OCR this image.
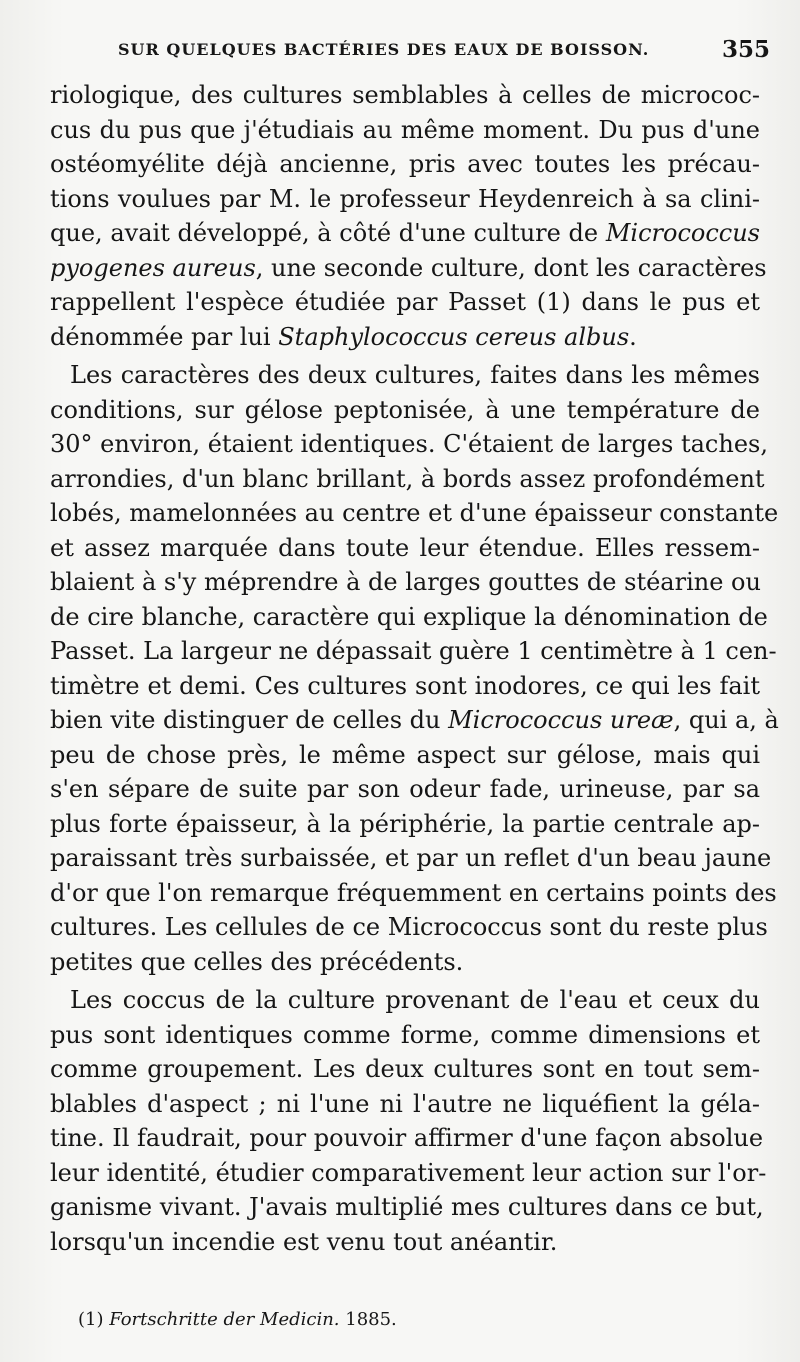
SUR QUELQUES BACTÉRIES DES EAUX DE BOISSON.	355
riologique, des cultures semblables à celles de micrococ-
cus du pus que j'étudiais au même moment. Du pus d'une
ostéomyélite déjà ancienne, pris avec toutes les précau-
tions voulues par M. le professeur Heydenreich à sa clini-
que, avait développé, à côté d'une culture de Micrococcus
pyogenes aureus, une seconde culture, dont les caractères
rappellent l'espèce étudiée par Passet (1) dans le pus et
dénommée par lui Staphylococcus cereus albus.
Les caractères des deux cultures, faites dans les mêmes
conditions, sur gélose peptonisée, à une température de
30° environ, étaient identiques. C'étaient de larges taches,
arrondies, d'un blanc brillant, à bords assez profondément
lobés, mamelonnées au centre et d'une épaisseur constante
et assez marquée dans toute leur étendue. Elles ressem-
blaient à s'y méprendre à de larges gouttes de stéarine ou
de cire blanche, caractère qui explique la dénomination de
Passet. La largeur ne dépassait guère 1 centimètre à 1 cen-
timètre et demi. Ces cultures sont inodores, ce qui les fait
bien vite distinguer de celles du Micrococcus ureæ, qui a, à
peu de chose près, le même aspect sur gélose, mais qui
s'en sépare de suite par son odeur fade, urineuse, par sa
plus forte épaisseur, à la périphérie, la partie centrale ap-
paraissant très surbaissée, et par un reflet d'un beau jaune
d'or que l'on remarque fréquemment en certains points des
cultures. Les cellules de ce Micrococcus sont du reste plus
petites que celles des précédents.
Les coccus de la culture provenant de l'eau et ceux du
pus sont identiques comme forme, comme dimensions et
comme groupement. Les deux cultures sont en tout sem-
blables d'aspect ; ni l'une ni l'autre ne liquéfient la géla-
tine. Il faudrait, pour pouvoir affirmer d'une façon absolue
leur identité, étudier comparativement leur action sur l'or-
ganisme vivant. J'avais multiplié mes cultures dans ce but,
lorsqu'un incendie est venu tout anéantir.
(1) Fortschritte der Medicin. 1885.
